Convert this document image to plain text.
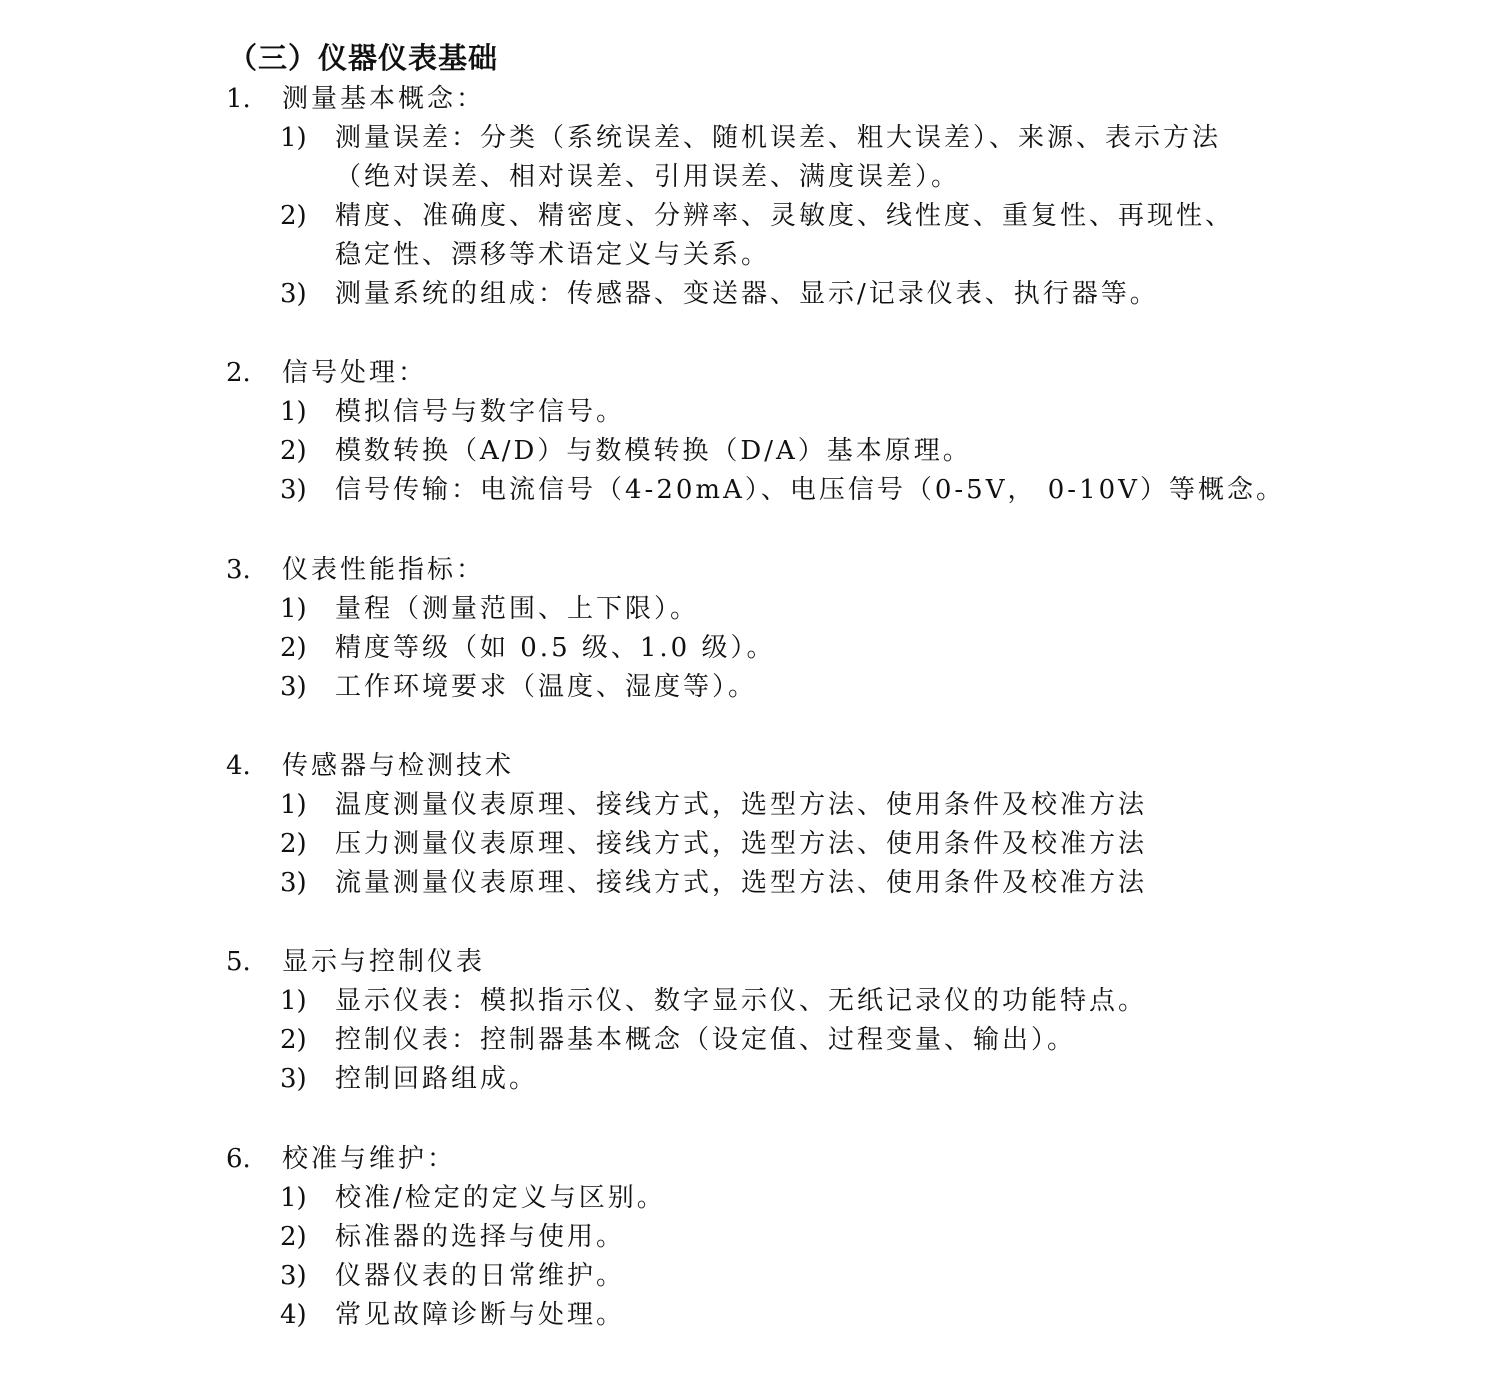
（三）仪器仪表基础
1. 测量基本概念：
1) 测量误差：分类（系统误差、随机误差、粗大误差）、来源、表示方法
（绝对误差、相对误差、引用误差、满度误差）。
2) 精度、准确度、精密度、分辨率、灵敏度、线性度、重复性、再现性、
稳定性、漂移等术语定义与关系。
3) 测量系统的组成：传感器、变送器、显示/记录仪表、执行器等。
2. 信号处理：
1) 模拟信号与数字信号。
2) 模数转换（A/D）与数模转换（D/A）基本原理。
3) 信号传输：电流信号（4-20mA）、电压信号（0-5V， 0-10V）等概念。
3. 仪表性能指标：
1) 量程（测量范围、上下限）。
2) 精度等级（如 0.5 级、1.0 级）。
3) 工作环境要求（温度、湿度等）。
4. 传感器与检测技术
1) 温度测量仪表原理、接线方式，选型方法、使用条件及校准方法
2) 压力测量仪表原理、接线方式，选型方法、使用条件及校准方法
3) 流量测量仪表原理、接线方式，选型方法、使用条件及校准方法
5. 显示与控制仪表
1) 显示仪表：模拟指示仪、数字显示仪、无纸记录仪的功能特点。
2) 控制仪表：控制器基本概念（设定值、过程变量、输出）。
3) 控制回路组成。
6. 校准与维护：
1) 校准/检定的定义与区别。
2) 标准器的选择与使用。
3) 仪器仪表的日常维护。
4) 常见故障诊断与处理。
